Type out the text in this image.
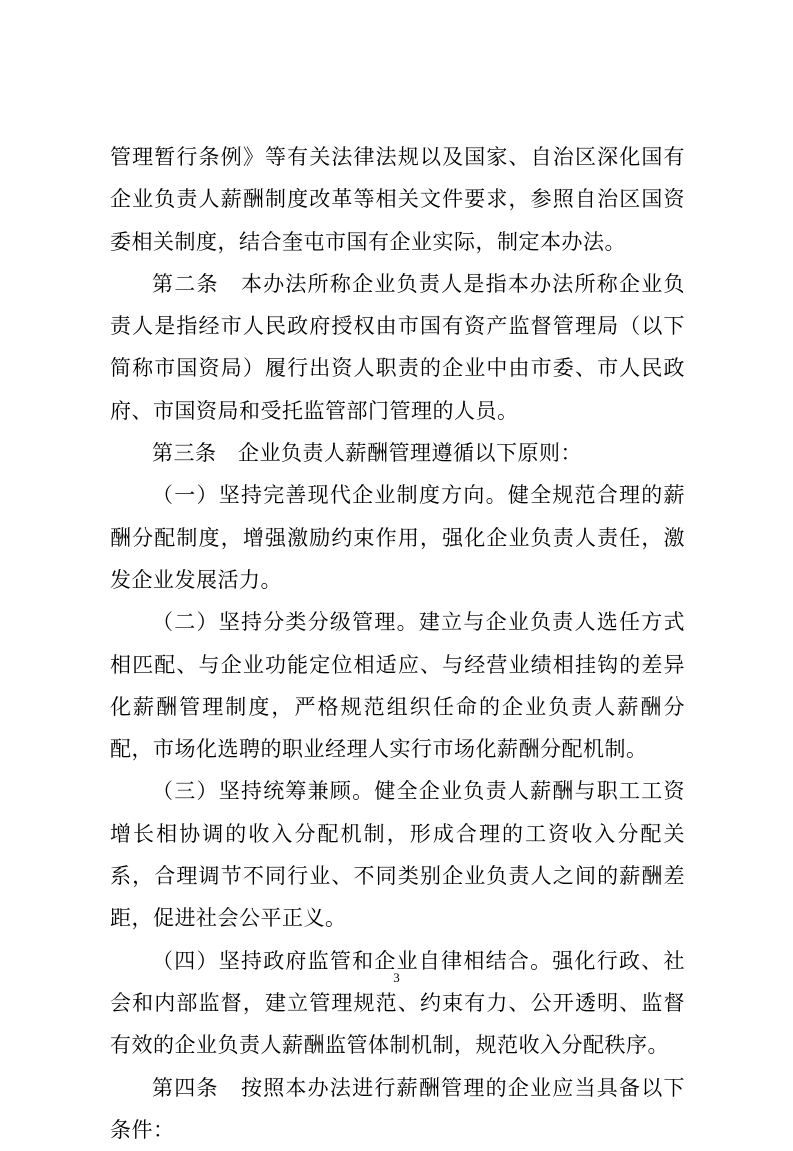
管理暂行条例》等有关法律法规以及国家、自治区深化国有企业负责人薪酬制度改革等相关文件要求，参照自治区国资委相关制度，结合奎屯市国有企业实际，制定本办法。

第二条　本办法所称企业负责人是指本办法所称企业负责人是指经市人民政府授权由市国有资产监督管理局（以下简称市国资局）履行出资人职责的企业中由市委、市人民政府、市国资局和受托监管部门管理的人员。

第三条　企业负责人薪酬管理遵循以下原则：

（一）坚持完善现代企业制度方向。健全规范合理的薪酬分配制度，增强激励约束作用，强化企业负责人责任，激发企业发展活力。

（二）坚持分类分级管理。建立与企业负责人选任方式相匹配、与企业功能定位相适应、与经营业绩相挂钩的差异化薪酬管理制度，严格规范组织任命的企业负责人薪酬分配，市场化选聘的职业经理人实行市场化薪酬分配机制。

（三）坚持统筹兼顾。健全企业负责人薪酬与职工工资增长相协调的收入分配机制，形成合理的工资收入分配关系，合理调节不同行业、不同类别企业负责人之间的薪酬差距，促进社会公平正义。

（四）坚持政府监管和企业自律相结合。强化行政、社会和内部监督，建立管理规范、约束有力、公开透明、监督有效的企业负责人薪酬监管体制机制，规范收入分配秩序。

第四条　按照本办法进行薪酬管理的企业应当具备以下条件：

3
